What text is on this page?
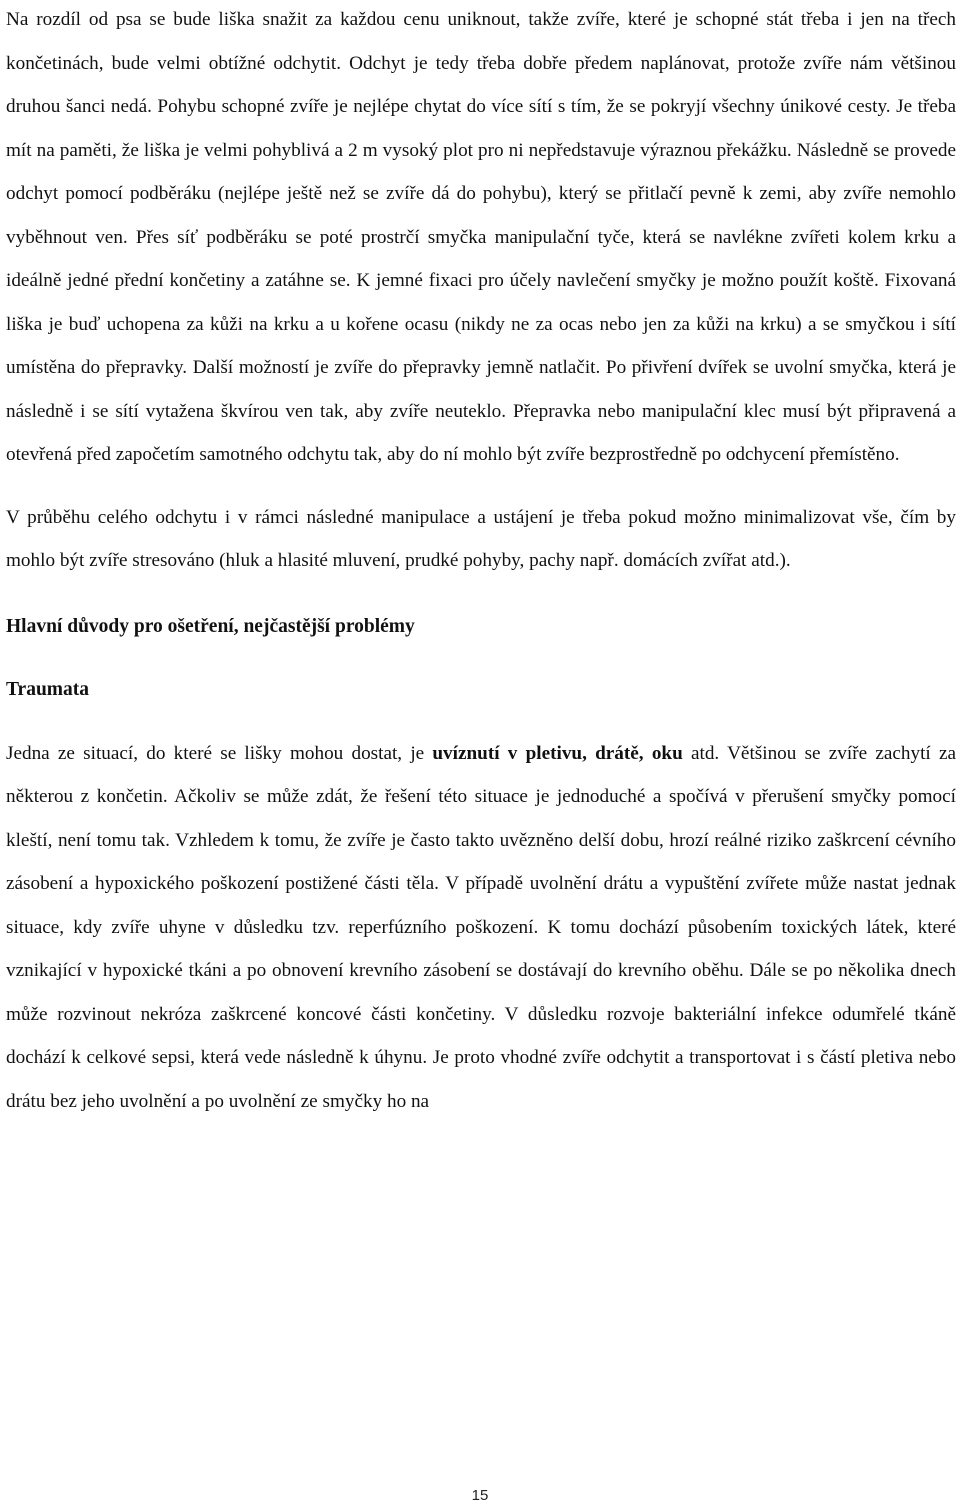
Na rozdíl od psa se bude liška snažit za každou cenu uniknout, takže zvíře, které je schopné stát třeba i jen na třech končetinách, bude velmi obtížné odchytit. Odchyt je tedy třeba dobře předem naplánovat, protože zvíře nám většinou druhou šanci nedá. Pohybu schopné zvíře je nejlépe chytat do více sítí s tím, že se pokryjí všechny únikové cesty. Je třeba mít na paměti, že liška je velmi pohyblivá a 2 m vysoký plot pro ni nepředstavuje výraznou překážku. Následně se provede odchyt pomocí podběráku (nejlépe ještě než se zvíře dá do pohybu), který se přitlačí pevně k zemi, aby zvíře nemohlo vyběhnout ven. Přes síť podběráku se poté prostrčí smyčka manipulační tyče, která se navlékne zvířeti kolem krku a ideálně jedné přední končetiny a zatáhne se. K jemné fixaci pro účely navlečení smyčky je možno použít koště. Fixovaná liška je buď uchopena za kůži na krku a u kořene ocasu (nikdy ne za ocas nebo jen za kůži na krku) a se smyčkou i sítí umístěna do přepravky. Další možností je zvíře do přepravky jemně natlačit. Po přivření dvířek se uvolní smyčka, která je následně i se sítí vytažena škvírou ven tak, aby zvíře neuteklo. Přepravka nebo manipulační klec musí být připravená a otevřená před započetím samotného odchytu tak, aby do ní mohlo být zvíře bezprostředně po odchycení přemístěno.

V průběhu celého odchytu i v rámci následné manipulace a ustájení je třeba pokud možno minimalizovat vše, čím by mohlo být zvíře stresováno (hluk a hlasité mluvení, prudké pohyby, pachy např. domácích zvířat atd.).

Hlavní důvody pro ošetření, nejčastější problémy
Traumata

Jedna ze situací, do které se lišky mohou dostat, je uvíznutí v pletivu, drátě, oku atd. Většinou se zvíře zachytí za některou z končetin. Ačkoliv se může zdát, že řešení této situace je jednoduché a spočívá v přerušení smyčky pomocí kleští, není tomu tak. Vzhledem k tomu, že zvíře je často takto uvězněno delší dobu, hrozí reálné riziko zaškrcení cévního zásobení a hypoxického poškození postižené části těla. V případě uvolnění drátu a vypuštění zvířete může nastat jednak situace, kdy zvíře uhyne v důsledku tzv. reperfúzního poškození. K tomu dochází působením toxických látek, které vznikající v hypoxické tkáni a po obnovení krevního zásobení se dostávají do krevního oběhu. Dále se po několika dnech může rozvinout nekróza zaškrcené koncové části končetiny. V důsledku rozvoje bakteriální infekce odumřelé tkáně dochází k celkové sepsi, která vede následně k úhynu. Je proto vhodné zvíře odchytit a transportovat i s částí pletiva nebo drátu bez jeho uvolnění a po uvolnění ze smyčky ho na

15
